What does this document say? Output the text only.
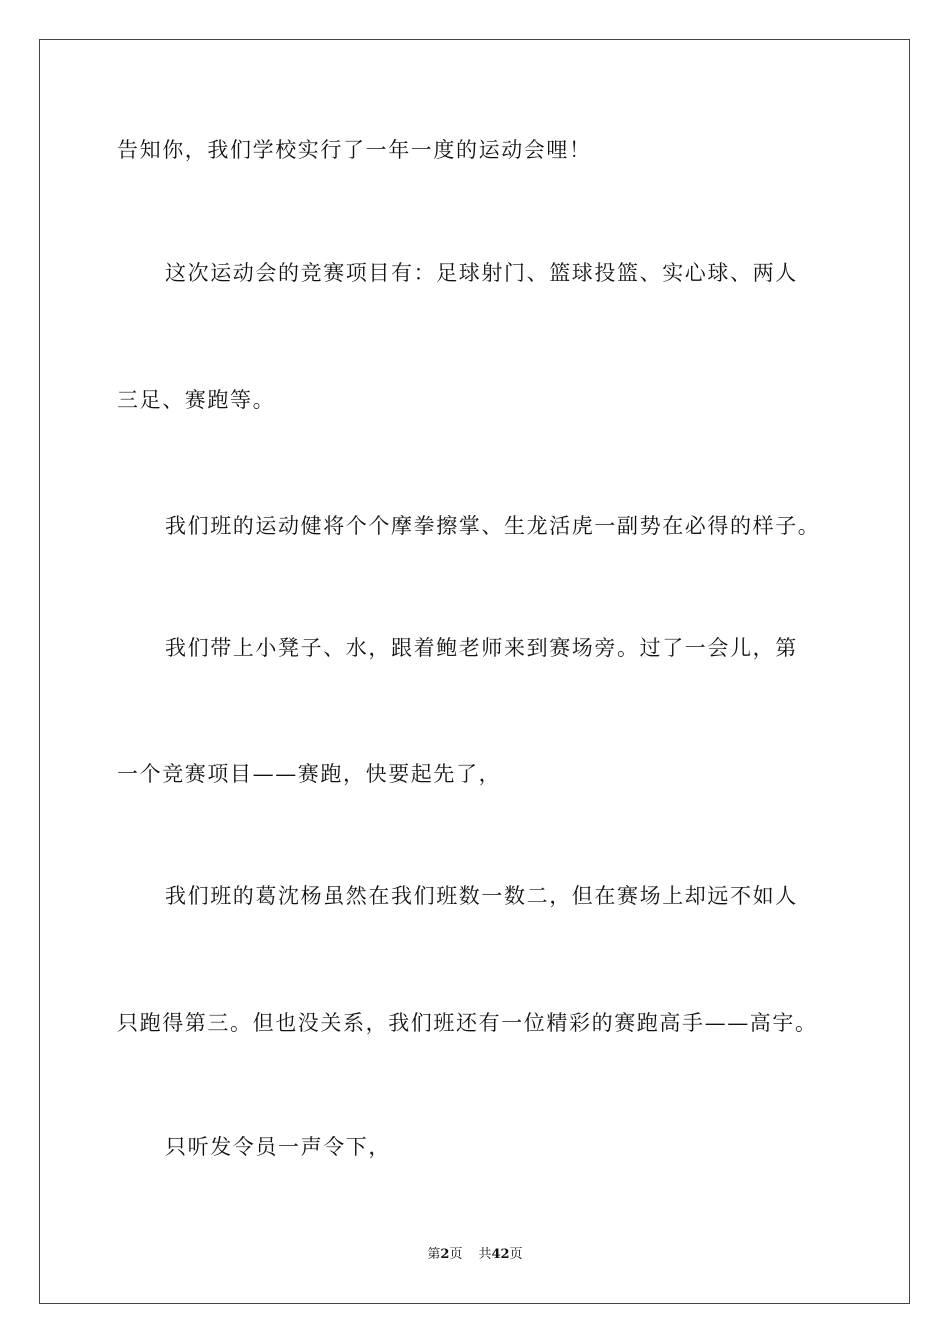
告知你，我们学校实行了一年一度的运动会哩！
这次运动会的竞赛项目有：足球射门、篮球投篮、实心球、两人
三足、赛跑等。
我们班的运动健将个个摩拳擦掌、生龙活虎一副势在必得的样子。
我们带上小凳子、水，跟着鲍老师来到赛场旁。过了一会儿，第
一个竞赛项目——赛跑，快要起先了，
我们班的葛沈杨虽然在我们班数一数二，但在赛场上却远不如人
只跑得第三。但也没关系，我们班还有一位精彩的赛跑高手——高宇。
只听发令员一声令下，
第2页 共42页
